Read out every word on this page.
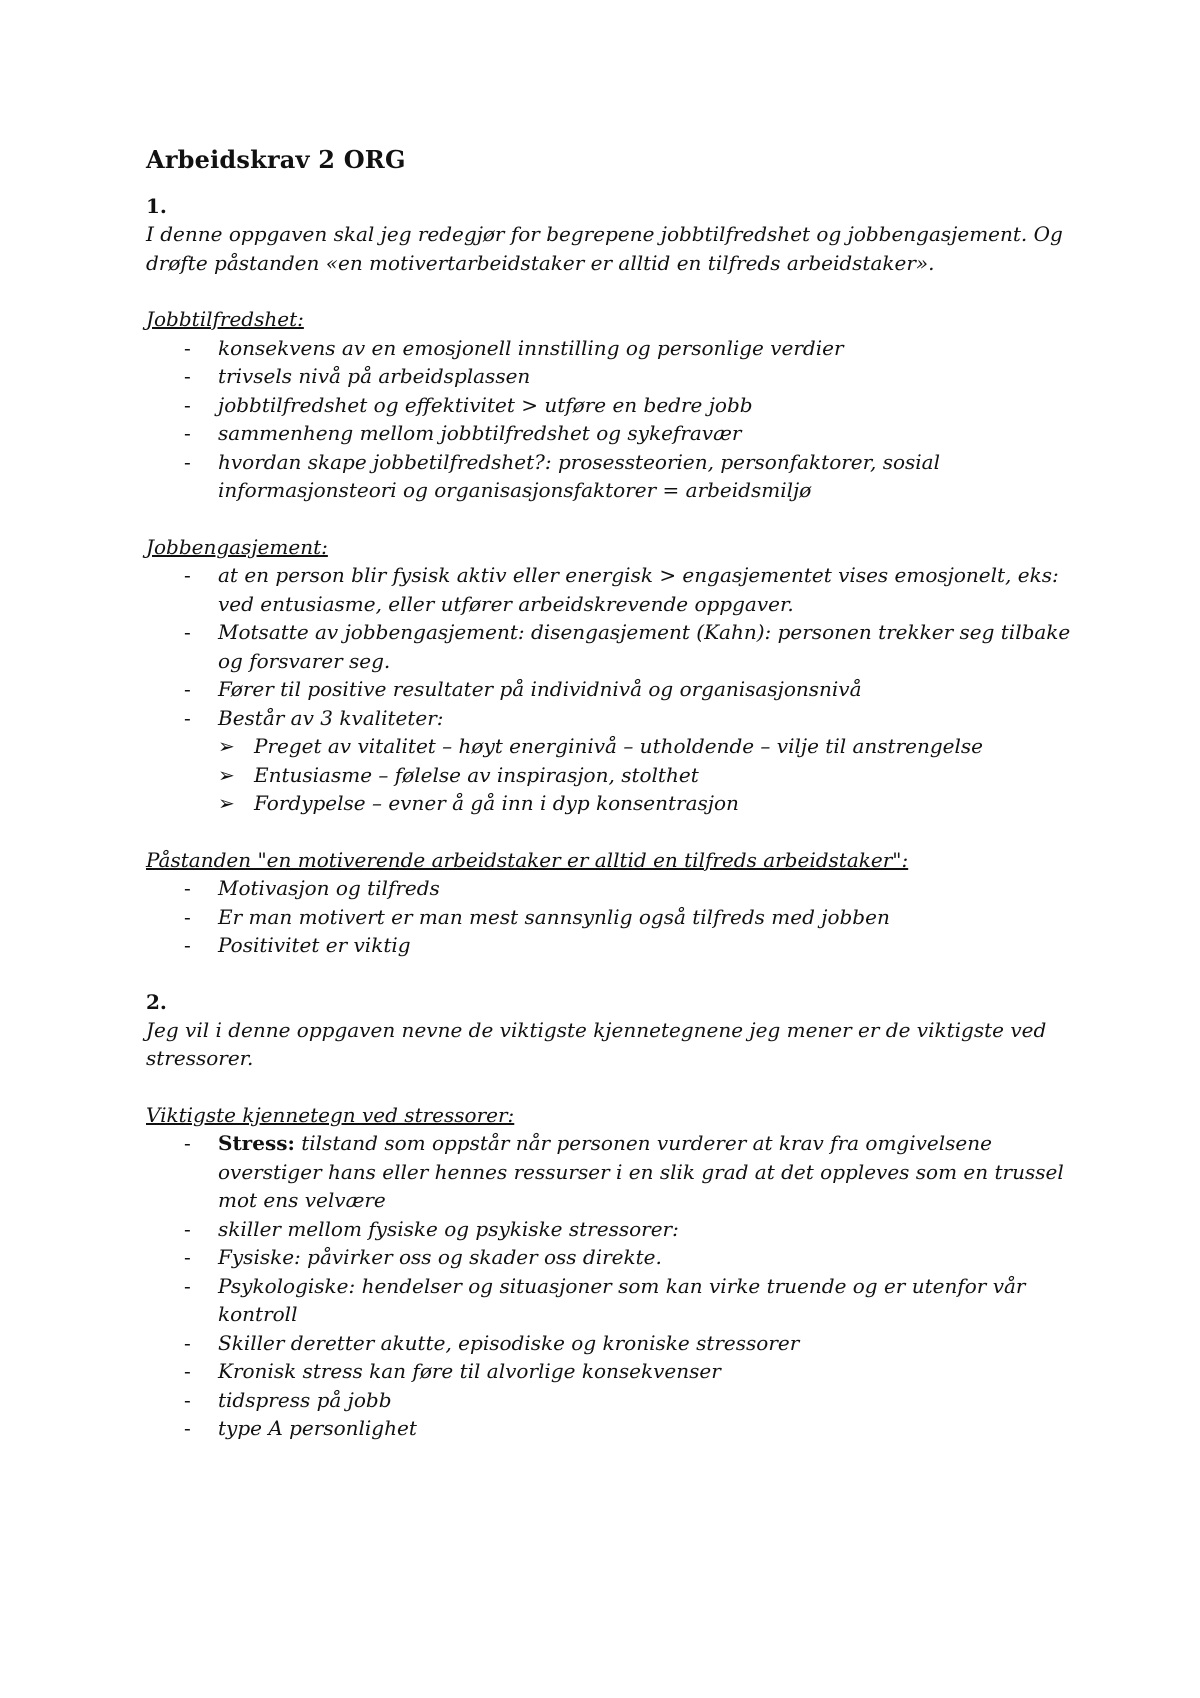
Arbeidskrav 2 ORG

1.

I denne oppgaven skal jeg redegjør for begrepene jobbtilfredshet og jobbengasjement. Og drøfte påstanden «en motivertarbeidstaker er alltid en tilfreds arbeidstaker».

Jobbtilfredshet:

- konsekvens av en emosjonell innstilling og personlige verdier
- trivsels nivå på arbeidsplassen
- jobbtilfredshet og effektivitet > utføre en bedre jobb
- sammenheng mellom jobbtilfredshet og sykefravær
- hvordan skape jobbetilfredshet?: prosessteorien, personfaktorer, sosial informasjonsteori og organisasjonsfaktorer = arbeidsmiljø

Jobbengasjement:

- at en person blir fysisk aktiv eller energisk > engasjementet vises emosjonelt, eks: ved entusiasme, eller utfører arbeidskrevende oppgaver.
- Motsatte av jobbengasjement: disengasjement (Kahn): personen trekker seg tilbake og forsvarer seg.
- Fører til positive resultater på individnivå og organisasjonsnivå
- Består av 3 kvaliteter:
➢ Preget av vitalitet – høyt energinivå – utholdende – vilje til anstrengelse
➢ Entusiasme – følelse av inspirasjon, stolthet
➢ Fordypelse – evner å gå inn i dyp konsentrasjon

Påstanden "en motiverende arbeidstaker er alltid en tilfreds arbeidstaker":

- Motivasjon og tilfreds
- Er man motivert er man mest sannsynlig også tilfreds med jobben
- Positivitet er viktig

2.

Jeg vil i denne oppgaven nevne de viktigste kjennetegnene jeg mener er de viktigste ved stressorer.

Viktigste kjennetegn ved stressorer:

- Stress: tilstand som oppstår når personen vurderer at krav fra omgivelsene overstiger hans eller hennes ressurser i en slik grad at det oppleves som en trussel mot ens velvære
- skiller mellom fysiske og psykiske stressorer:
- Fysiske: påvirker oss og skader oss direkte.
- Psykologiske: hendelser og situasjoner som kan virke truende og er utenfor vår kontroll
- Skiller deretter akutte, episodiske og kroniske stressorer
- Kronisk stress kan føre til alvorlige konsekvenser
- tidspress på jobb
- type A personlighet
